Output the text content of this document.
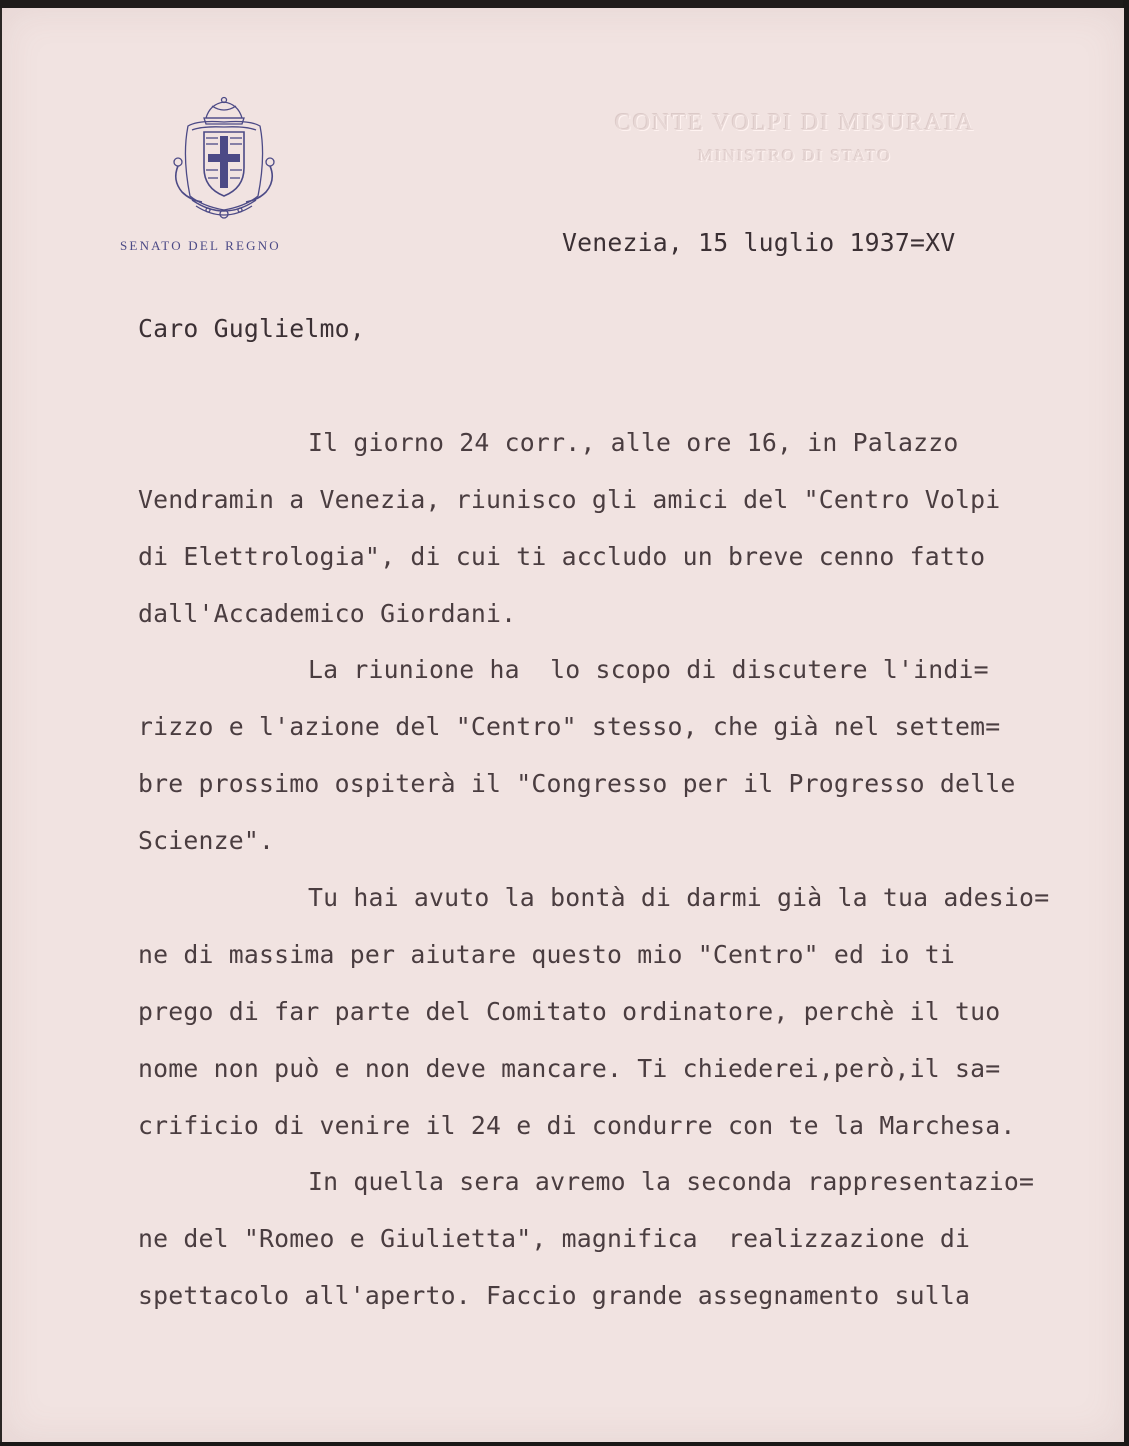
SENATO DEL REGNO
CONTE VOLPI DI MISURATA
MINISTRO DI STATO
Venezia, 15 luglio 1937=XV
Caro Guglielmo,
Il giorno 24 corr., alle ore 16, in Palazzo
Vendramin a Venezia, riunisco gli amici del "Centro Volpi
di Elettrologia", di cui ti accludo un breve cenno fatto
dall'Accademico Giordani.
La riunione ha  lo scopo di discutere l'indi=
rizzo e l'azione del "Centro" stesso, che già nel settem=
bre prossimo ospiterà il "Congresso per il Progresso delle
Scienze".
Tu hai avuto la bontà di darmi già la tua adesio=
ne di massima per aiutare questo mio "Centro" ed io ti
prego di far parte del Comitato ordinatore, perchè il tuo
nome non può e non deve mancare. Ti chiederei,però,il sa=
crificio di venire il 24 e di condurre con te la Marchesa.
In quella sera avremo la seconda rappresentazio=
ne del "Romeo e Giulietta", magnifica  realizzazione di
spettacolo all'aperto. Faccio grande assegnamento sulla
